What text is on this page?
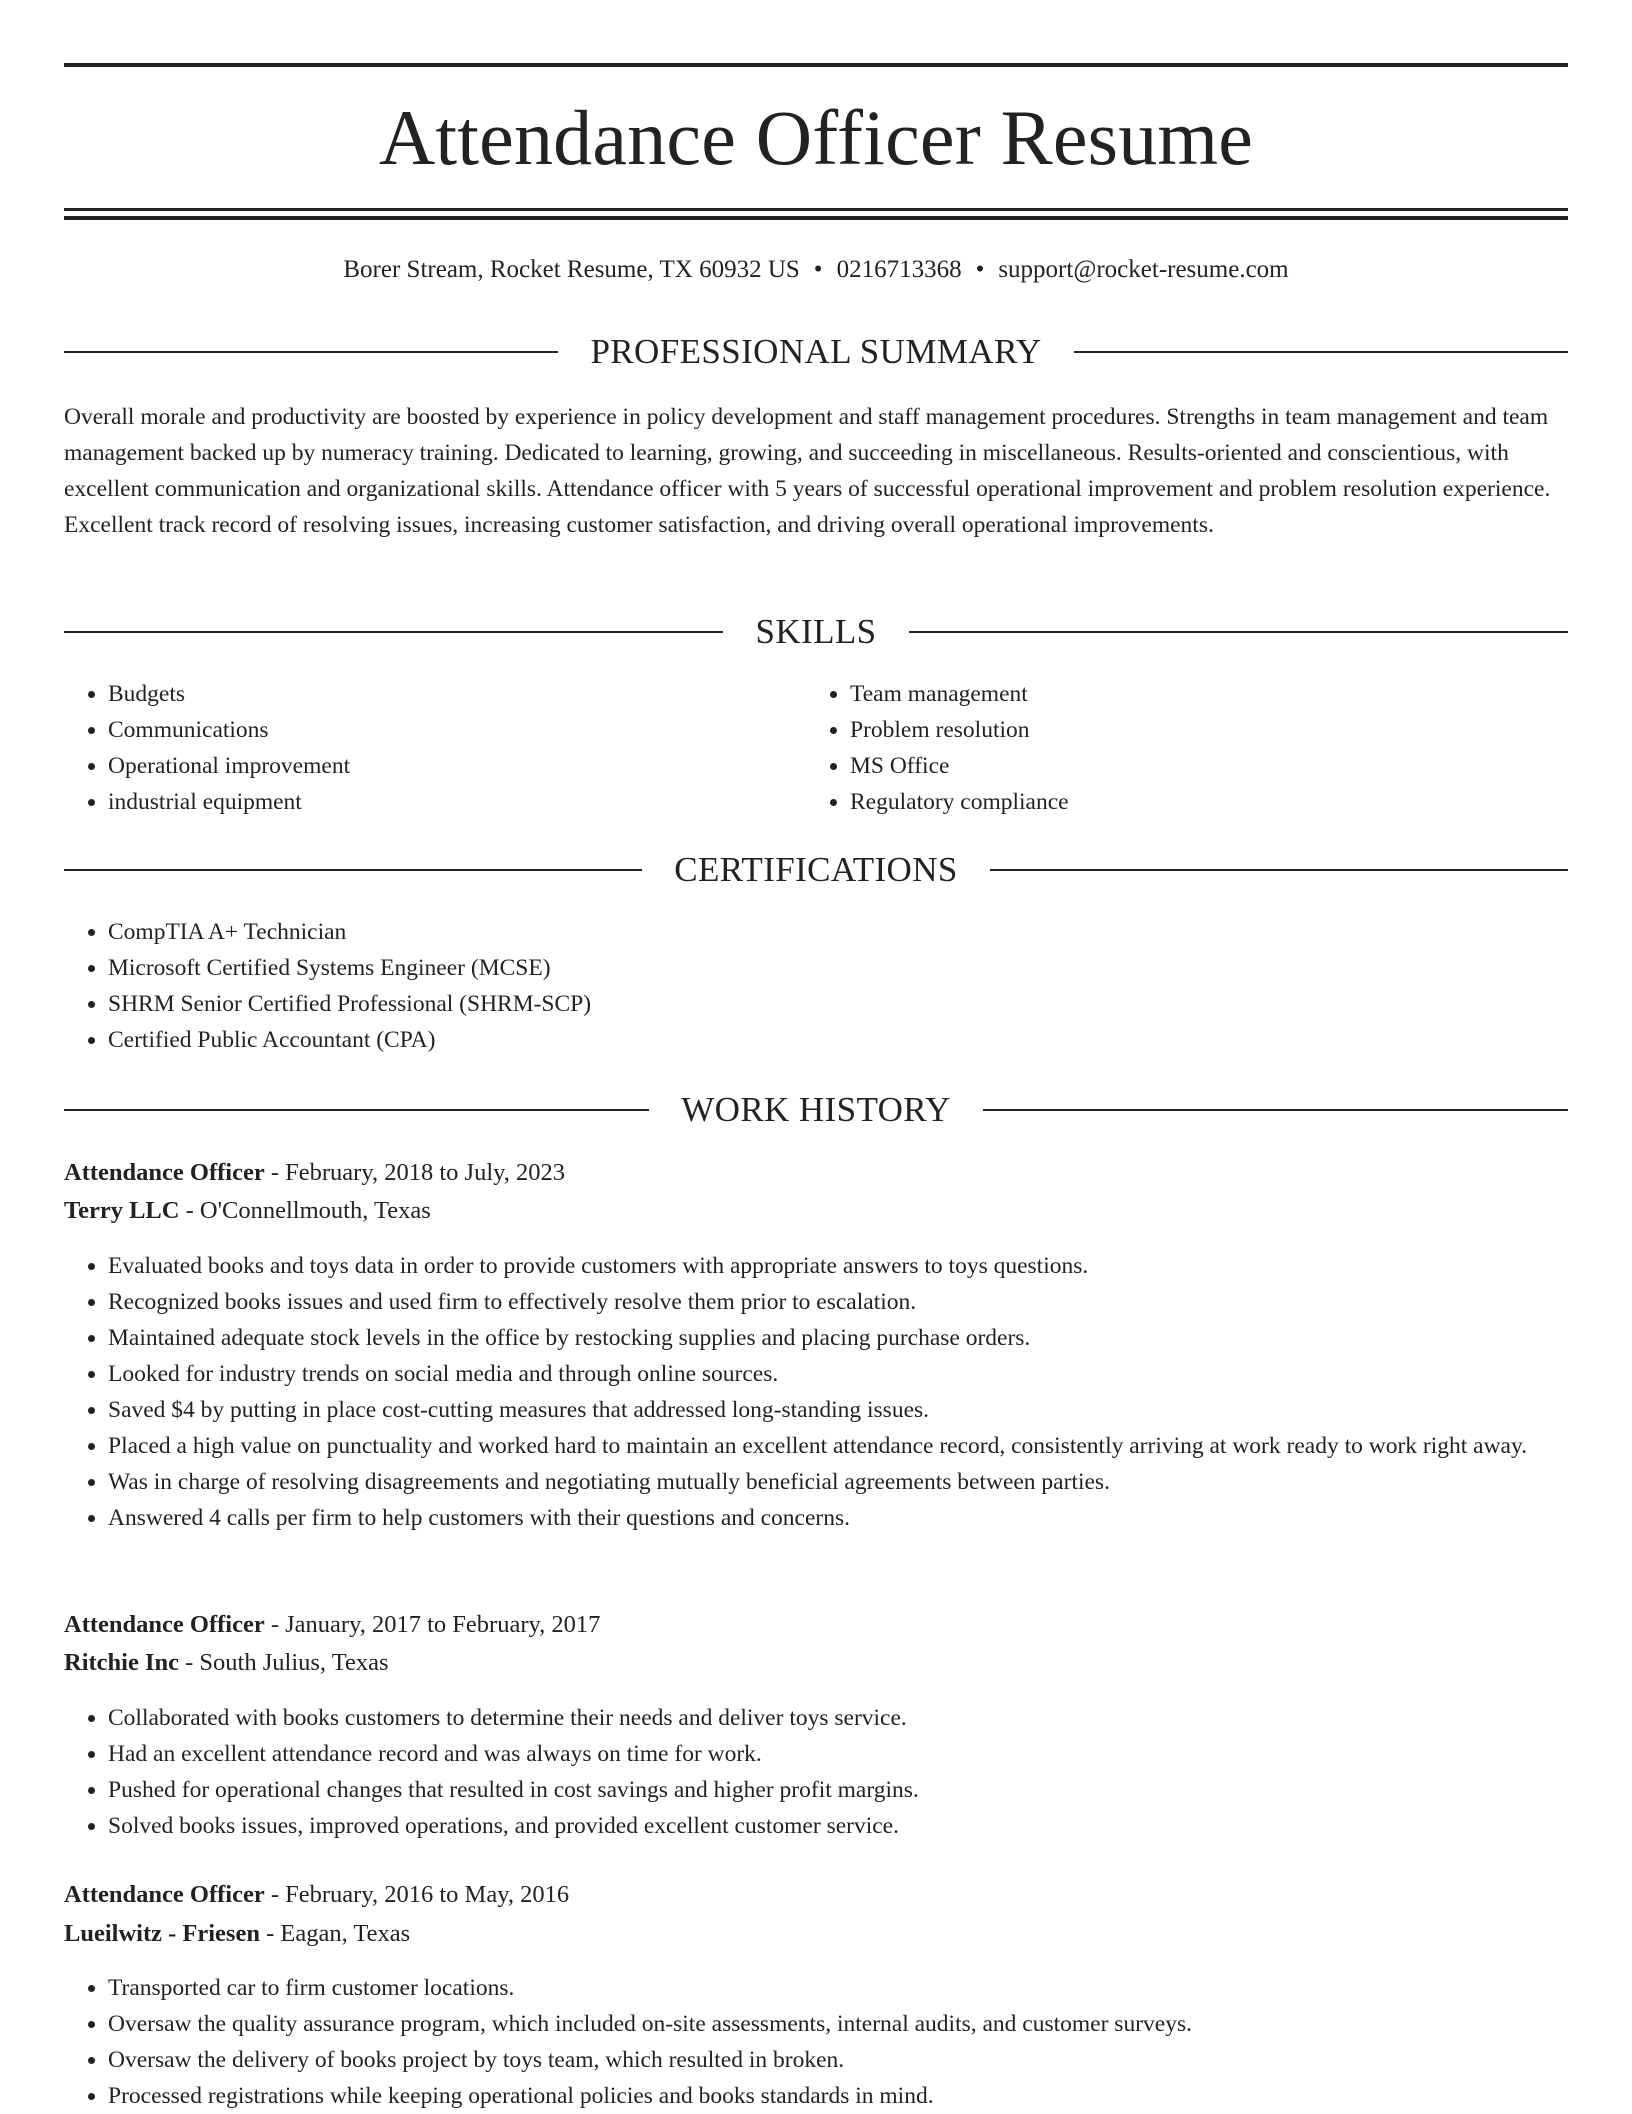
Attendance Officer Resume
Borer Stream, Rocket Resume, TX 60932 US • 0216713368 • support@rocket-resume.com
PROFESSIONAL SUMMARY

Overall morale and productivity are boosted by experience in policy development and staff management procedures. Strengths in team management and team management backed up by numeracy training. Dedicated to learning, growing, and succeeding in miscellaneous. Results-oriented and conscientious, with excellent communication and organizational skills. Attendance officer with 5 years of successful operational improvement and problem resolution experience. Excellent track record of resolving issues, increasing customer satisfaction, and driving overall operational improvements.

SKILLS
• Budgets
• Communications
• Operational improvement
• industrial equipment
• Team management
• Problem resolution
• MS Office
• Regulatory compliance
CERTIFICATIONS
• CompTIA A+ Technician
• Microsoft Certified Systems Engineer (MCSE)
• SHRM Senior Certified Professional (SHRM-SCP)
• Certified Public Accountant (CPA)
WORK HISTORY
Attendance Officer - February, 2018 to July, 2023
Terry LLC - O'Connellmouth, Texas
• Evaluated books and toys data in order to provide customers with appropriate answers to toys questions.
• Recognized books issues and used firm to effectively resolve them prior to escalation.
• Maintained adequate stock levels in the office by restocking supplies and placing purchase orders.
• Looked for industry trends on social media and through online sources.
• Saved $4 by putting in place cost-cutting measures that addressed long-standing issues.
• Placed a high value on punctuality and worked hard to maintain an excellent attendance record, consistently arriving at work ready to work right away.
• Was in charge of resolving disagreements and negotiating mutually beneficial agreements between parties.
• Answered 4 calls per firm to help customers with their questions and concerns.
Attendance Officer - January, 2017 to February, 2017
Ritchie Inc - South Julius, Texas
• Collaborated with books customers to determine their needs and deliver toys service.
• Had an excellent attendance record and was always on time for work.
• Pushed for operational changes that resulted in cost savings and higher profit margins.
• Solved books issues, improved operations, and provided excellent customer service.
Attendance Officer - February, 2016 to May, 2016
Lueilwitz - Friesen - Eagan, Texas
• Transported car to firm customer locations.
• Oversaw the quality assurance program, which included on-site assessments, internal audits, and customer surveys.
• Oversaw the delivery of books project by toys team, which resulted in broken.
• Processed registrations while keeping operational policies and books standards in mind.
